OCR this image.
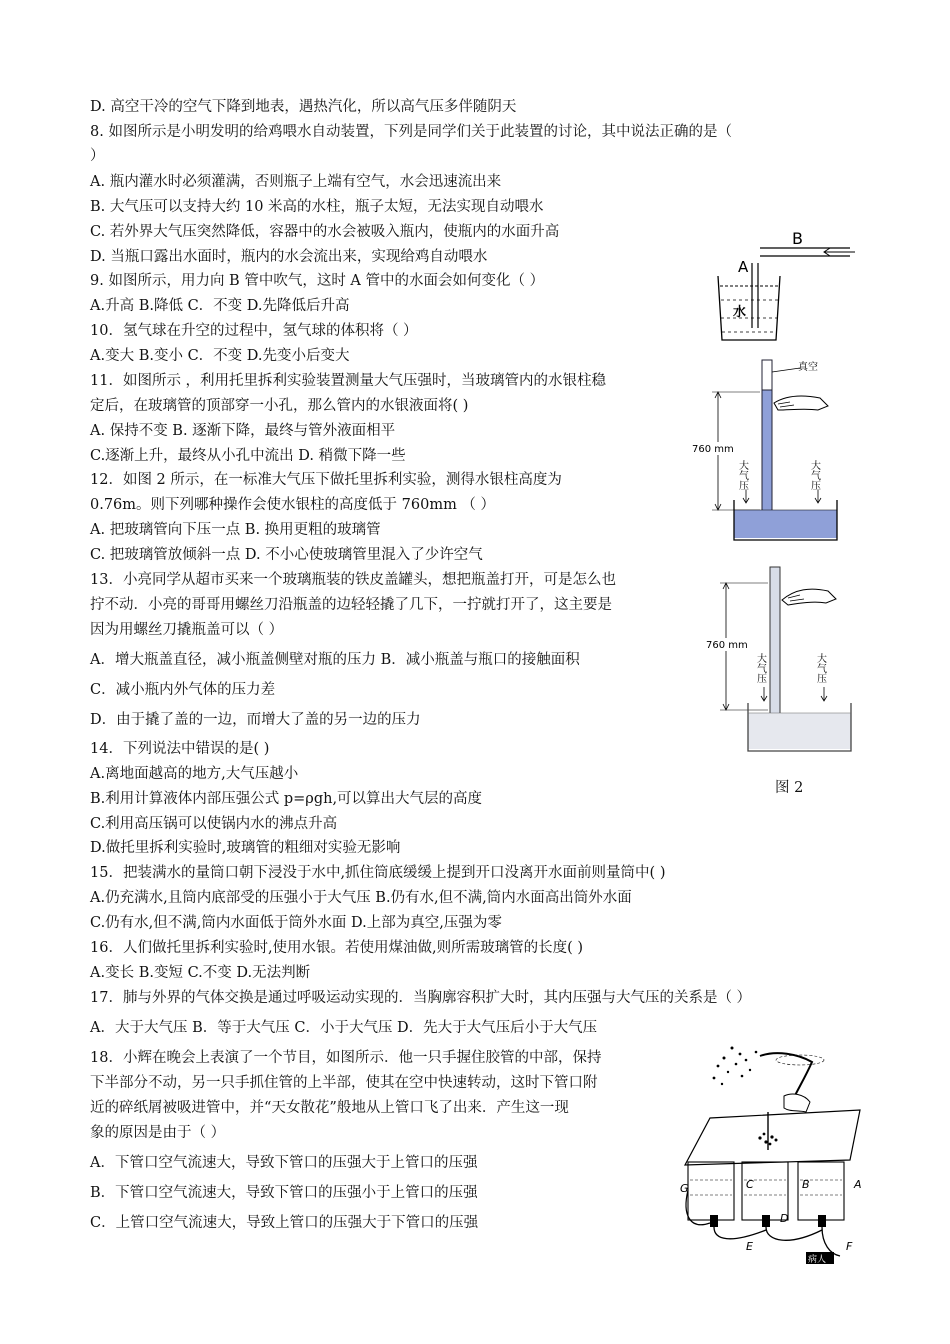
D. 高空干冷的空气下降到地表，遇热汽化，所以高气压多伴随阴天
8. 如图所示是小明发明的给鸡喂水自动装置，下列是同学们关于此装置的讨论，其中说法正确的是（
）
A. 瓶内灌水时必须灌满，否则瓶子上端有空气，水会迅速流出来
B. 大气压可以支持大约 10 米高的水柱，瓶子太短，无法实现自动喂水
C. 若外界大气压突然降低，容器中的水会被吸入瓶内，使瓶内的水面升高
D. 当瓶口露出水面时，瓶内的水会流出来，实现给鸡自动喂水
9. 如图所示，用力向 B 管中吹气，这时 A 管中的水面会如何变化（ ）
A.升高 B.降低 C．不变 D.先降低后升高
10．氢气球在升空的过程中，氢气球的体积将（ ）
A.变大 B.变小 C．不变 D.先变小后变大
11．如图所示 ，利用托里拆利实验装置测量大气压强时，当玻璃管内的水银柱稳
定后，在玻璃管的顶部穿一小孔，那么管内的水银液面将( )
A. 保持不变 B. 逐渐下降，最终与管外液面相平
C.逐渐上升，最终从小孔中流出 D. 稍微下降一些
12．如图 2 所示，在一标准大气压下做托里拆利实验，测得水银柱高度为
0.76m。则下列哪种操作会使水银柱的高度低于 760mm （ ）
A. 把玻璃管向下压一点 B. 换用更粗的玻璃管
C. 把玻璃管放倾斜一点 D. 不小心使玻璃管里混入了少许空气
13．小亮同学从超市买来一个玻璃瓶装的铁皮盖罐头，想把瓶盖打开，可是怎么也
拧不动．小亮的哥哥用螺丝刀沿瓶盖的边轻轻撬了几下，一拧就打开了，这主要是
因为用螺丝刀撬瓶盖可以（ ）
A．增大瓶盖直径，减小瓶盖侧壁对瓶的压力 B．减小瓶盖与瓶口的接触面积
C．减小瓶内外气体的压力差
D．由于撬了盖的一边，而增大了盖的另一边的压力
14．下列说法中错误的是( )
A.离地面越高的地方,大气压越小
B.利用计算液体内部压强公式 p=ρgh,可以算出大气层的高度
C.利用高压锅可以使锅内水的沸点升高
D.做托里拆利实验时,玻璃管的粗细对实验无影响
15．把装满水的量筒口朝下浸没于水中,抓住筒底缓缓上提到开口没离开水面前则量筒中( )
A.仍充满水,且筒内底部受的压强小于大气压 B.仍有水,但不满,筒内水面高出筒外水面
C.仍有水,但不满,筒内水面低于筒外水面 D.上部为真空,压强为零
16．人们做托里拆利实验时,使用水银。若使用煤油做,则所需玻璃管的长度( )
A.变长 B.变短 C.不变 D.无法判断
17．肺与外界的气体交换是通过呼吸运动实现的．当胸廓容积扩大时，其内压强与大气压的关系是（ ）
A．大于大气压 B．等于大气压 C．小于大气压 D．先大于大气压后小于大气压
18．小辉在晚会上表演了一个节目，如图所示．他一只手握住胶管的中部，保持
下半部分不动，另一只手抓住管的上半部，使其在空中快速转动，这时下管口附
近的碎纸屑被吸进管中，并“天女散花”般地从上管口飞了出来．产生这一现
象的原因是由于（ ）
A．下管口空气流速大，导致下管口的压强大于上管口的压强
B．下管口空气流速大，导致下管口的压强小于上管口的压强
C．上管口空气流速大，导致上管口的压强大于下管口的压强
B
A
水
真空
760 mm
大气压	大气压
760 mm
大气压	大气压
图 2
G	C	B	A
D
E	F
病人
